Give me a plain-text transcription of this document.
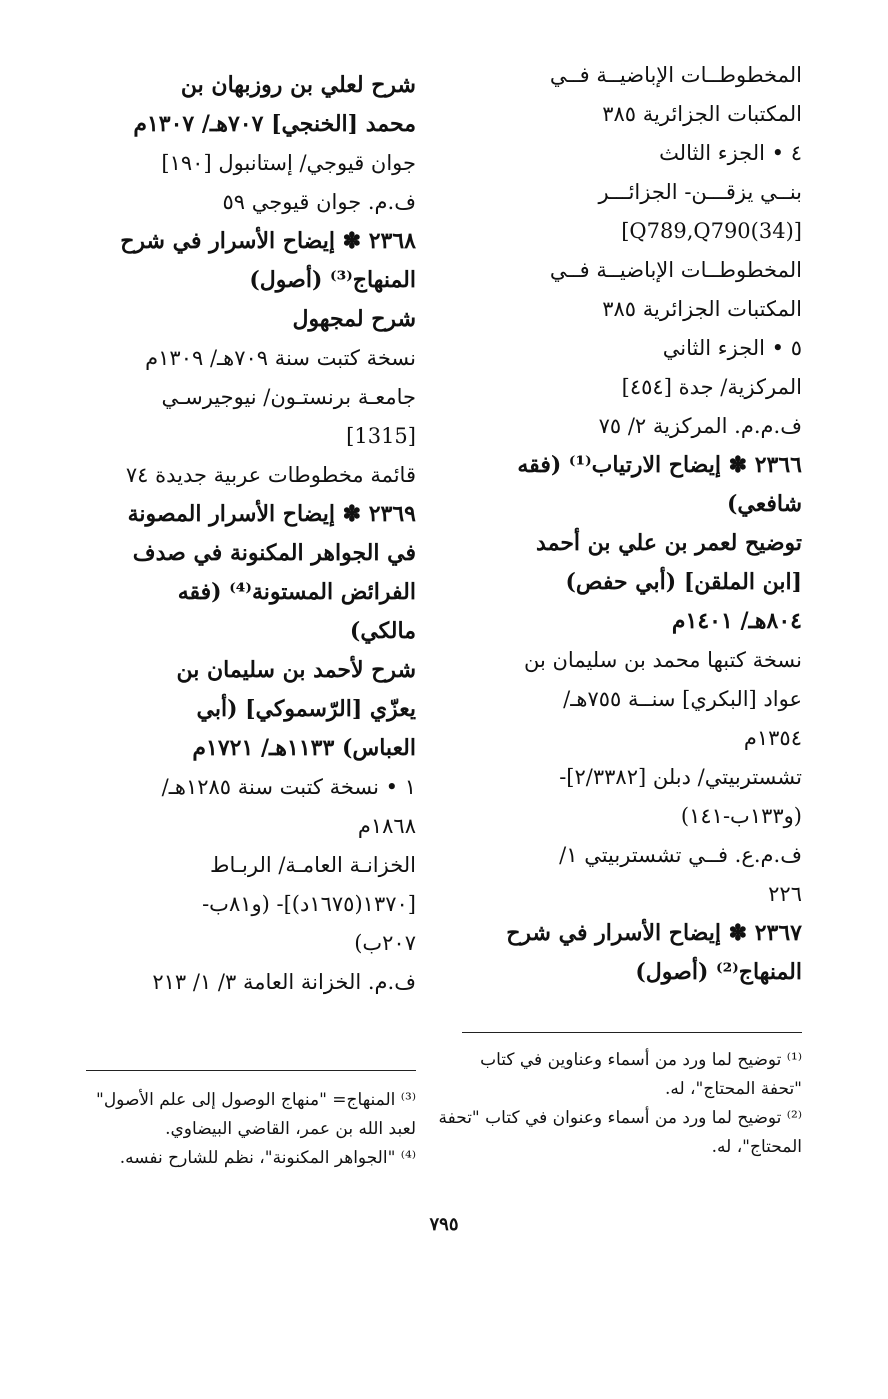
المخطوطــات الإباضيــة فــي
المكتبات الجزائرية ٣٨٥
٤ • الجزء الثالث
بنــي يزقـــن- الجزائـــر
[(34)Q789,Q790]
المخطوطــات الإباضيــة فــي
المكتبات الجزائرية ٣٨٥
٥ • الجزء الثاني
المركزية/ جدة [٤٥٤]
ف.م.م. المركزية ٢/ ٧٥
٢٣٦٦ ✽ إيضاح الارتياب⁽¹⁾ (فقه
شافعي)
توضيح لعمر بن علي بن أحمد
[ابن الملقن] (أبي حفص)
٨٠٤هـ/ ١٤٠١م
نسخة كتبها محمد بن سليمان بن
عواد [البكري] سنــة ٧٥٥هـ/
١٣٥٤م
تشستربيتي/ دبلن [٢/٣٣٨٢]-
(و١٣٣ب-١٤١)
ف.م.ع. فــي تشستربيتي ١/
٢٢٦
٢٣٦٧ ✽ إيضاح الأسرار في شرح
المنهاج⁽²⁾ (أصول)
شرح لعلي بن روزبهان بن
محمد [الخنجي] ٧٠٧هـ/ ١٣٠٧م
جوان قيوجي/ إستانبول [١٩٠]
ف.م. جوان قيوجي ٥٩
٢٣٦٨ ✽ إيضاح الأسرار في شرح
المنهاج⁽³⁾ (أصول)
شرح لمجهول
نسخة كتبت سنة ٧٠٩هـ/ ١٣٠٩م
جامعـة برنستـون/ نيوجيرسـي
[1315]
قائمة مخطوطات عربية جديدة ٧٤
٢٣٦٩ ✽ إيضاح الأسرار المصونة
في الجواهر المكنونة في صدف
الفرائض المستونة⁽⁴⁾ (فقه
مالكي)
شرح لأحمد بن سليمان بن
يعزّي [الرّسموكي] (أبي
العباس) ١١٣٣هـ/ ١٧٢١م
١ • نسخة كتبت سنة ١٢٨٥هـ/
١٨٦٨م
الخزانـة العامـة/ الربـاط
[١٣٧٠(١٦٧٥د)]- (و٨١ب-
٢٠٧ب)
ف.م. الخزانة العامة ٣/ ١/ ٢١٣
⁽¹⁾ توضيح لما ورد من أسماء وعناوين في كتاب
"تحفة المحتاج"، له.
⁽²⁾ توضيح لما ورد من أسماء وعنوان في كتاب "تحفة
المحتاج"، له.
⁽³⁾ المنهاج= "منهاج الوصول إلى علم الأصول"
لعبد الله بن عمر، القاضي البيضاوي.
⁽⁴⁾ "الجواهر المكنونة"، نظم للشارح نفسه.
٧٩٥
